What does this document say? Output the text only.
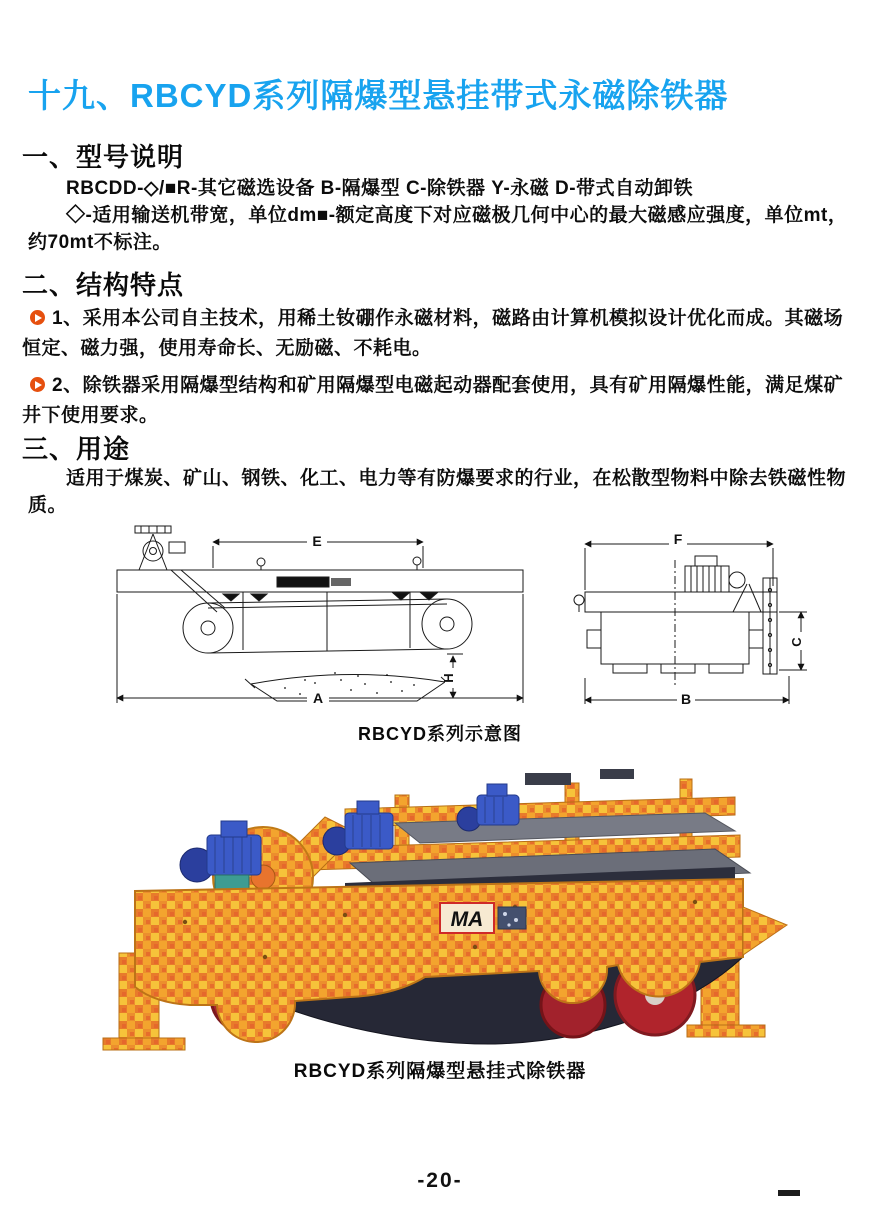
十九、RBCYD系列隔爆型悬挂带式永磁除铁器
一、型号说明

RBCDD-◇/■R-其它磁选设备 B-隔爆型 C-除铁器 Y-永磁 D-带式自动卸铁

◇-适用输送机带宽，单位dm■-额定高度下对应磁极几何中心的最大磁感应强度，单位mt，约70mt不标注。

二、结构特点

1、采用本公司自主技术，用稀土钕硼作永磁材料，磁路由计算机模拟设计优化而成。其磁场恒定、磁力强，使用寿命长、无励磁、不耗电。

2、除铁器采用隔爆型结构和矿用隔爆型电磁起动器配套使用，具有矿用隔爆性能，满足煤矿井下使用要求。

三、用途

适用于煤炭、矿山、钢铁、化工、电力等有防爆要求的行业，在松散型物料中除去铁磁性物质。

E
A
H
F
B
C
RBCYD系列示意图
MA
RBCYD系列隔爆型悬挂式除铁器
-20-
